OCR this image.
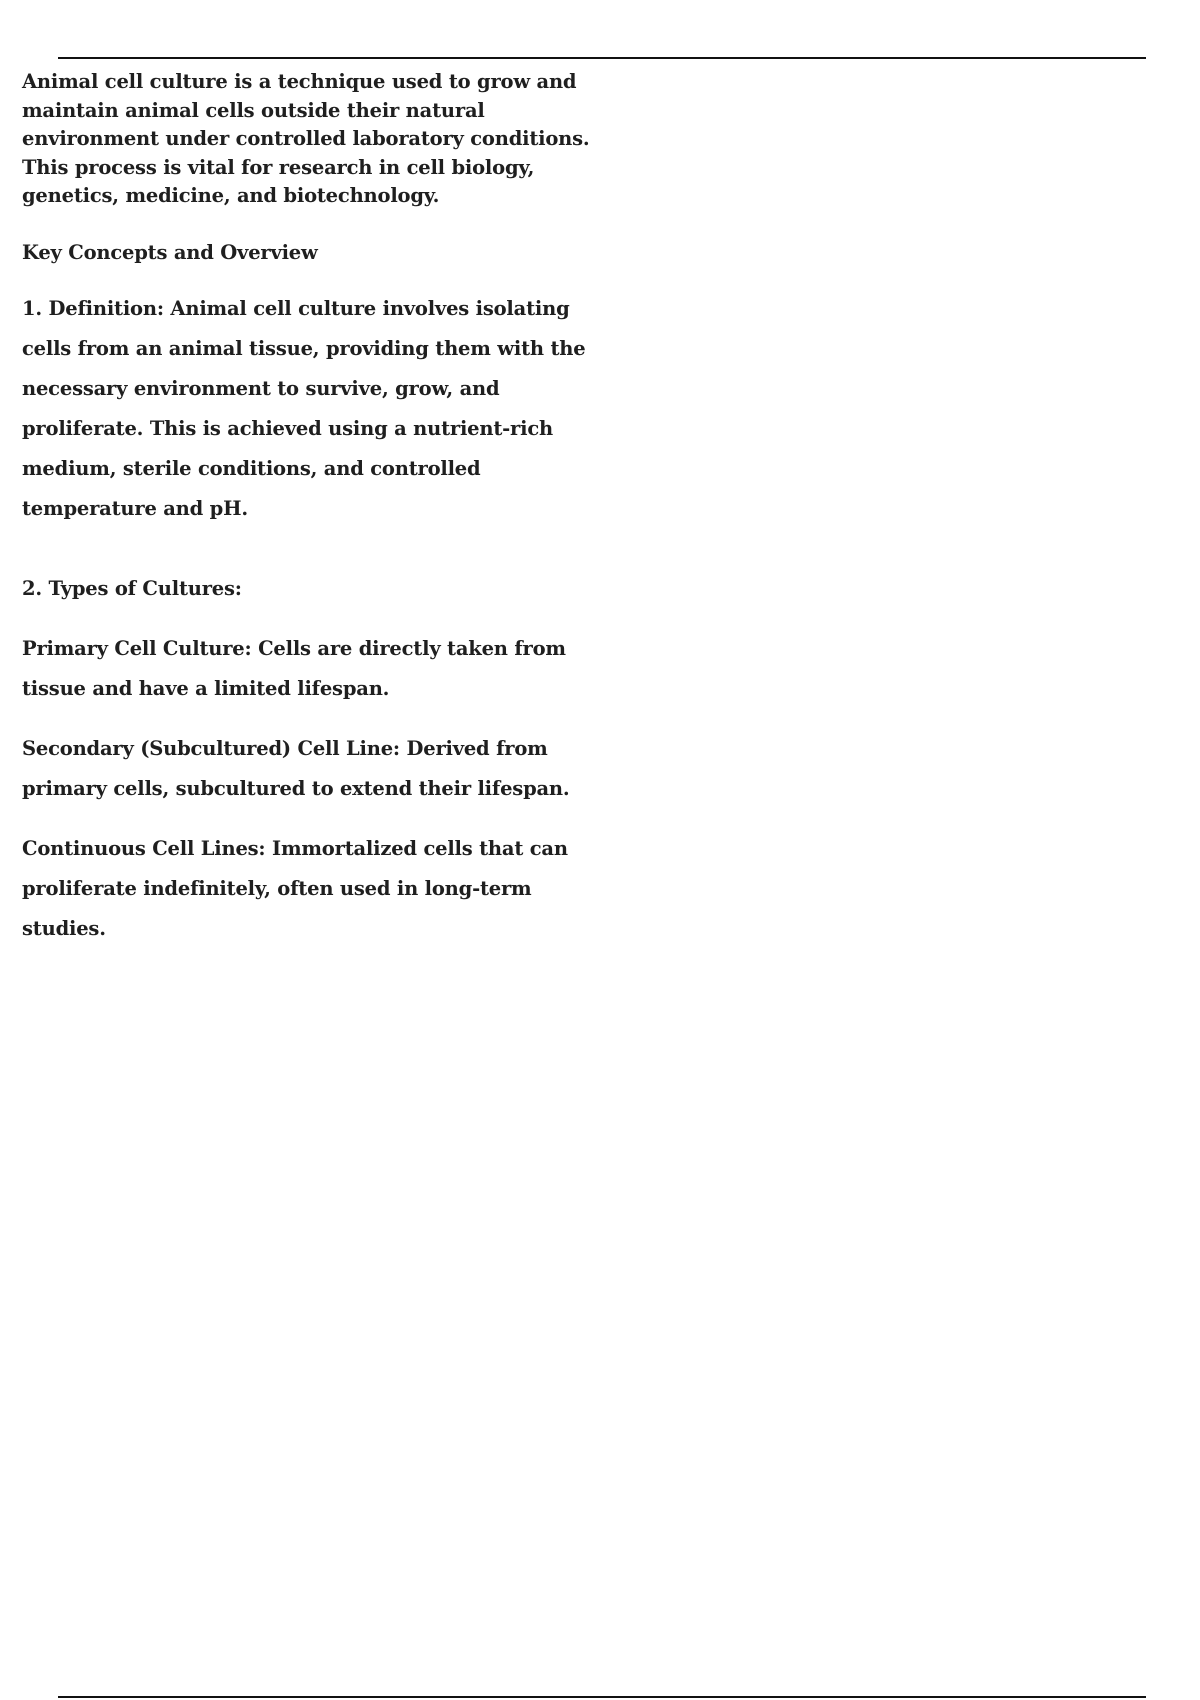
Animal cell culture is a technique used to grow and maintain animal cells outside their natural environment under controlled laboratory conditions. This process is vital for research in cell biology, genetics, medicine, and biotechnology.

Key Concepts and Overview

1. Definition: Animal cell culture involves isolating cells from an animal tissue, providing them with the necessary environment to survive, grow, and proliferate. This is achieved using a nutrient-rich medium, sterile conditions, and controlled temperature and pH.

2. Types of Cultures:

Primary Cell Culture: Cells are directly taken from tissue and have a limited lifespan.

Secondary (Subcultured) Cell Line: Derived from primary cells, subcultured to extend their lifespan.

Continuous Cell Lines: Immortalized cells that can proliferate indefinitely, often used in long-term studies.
